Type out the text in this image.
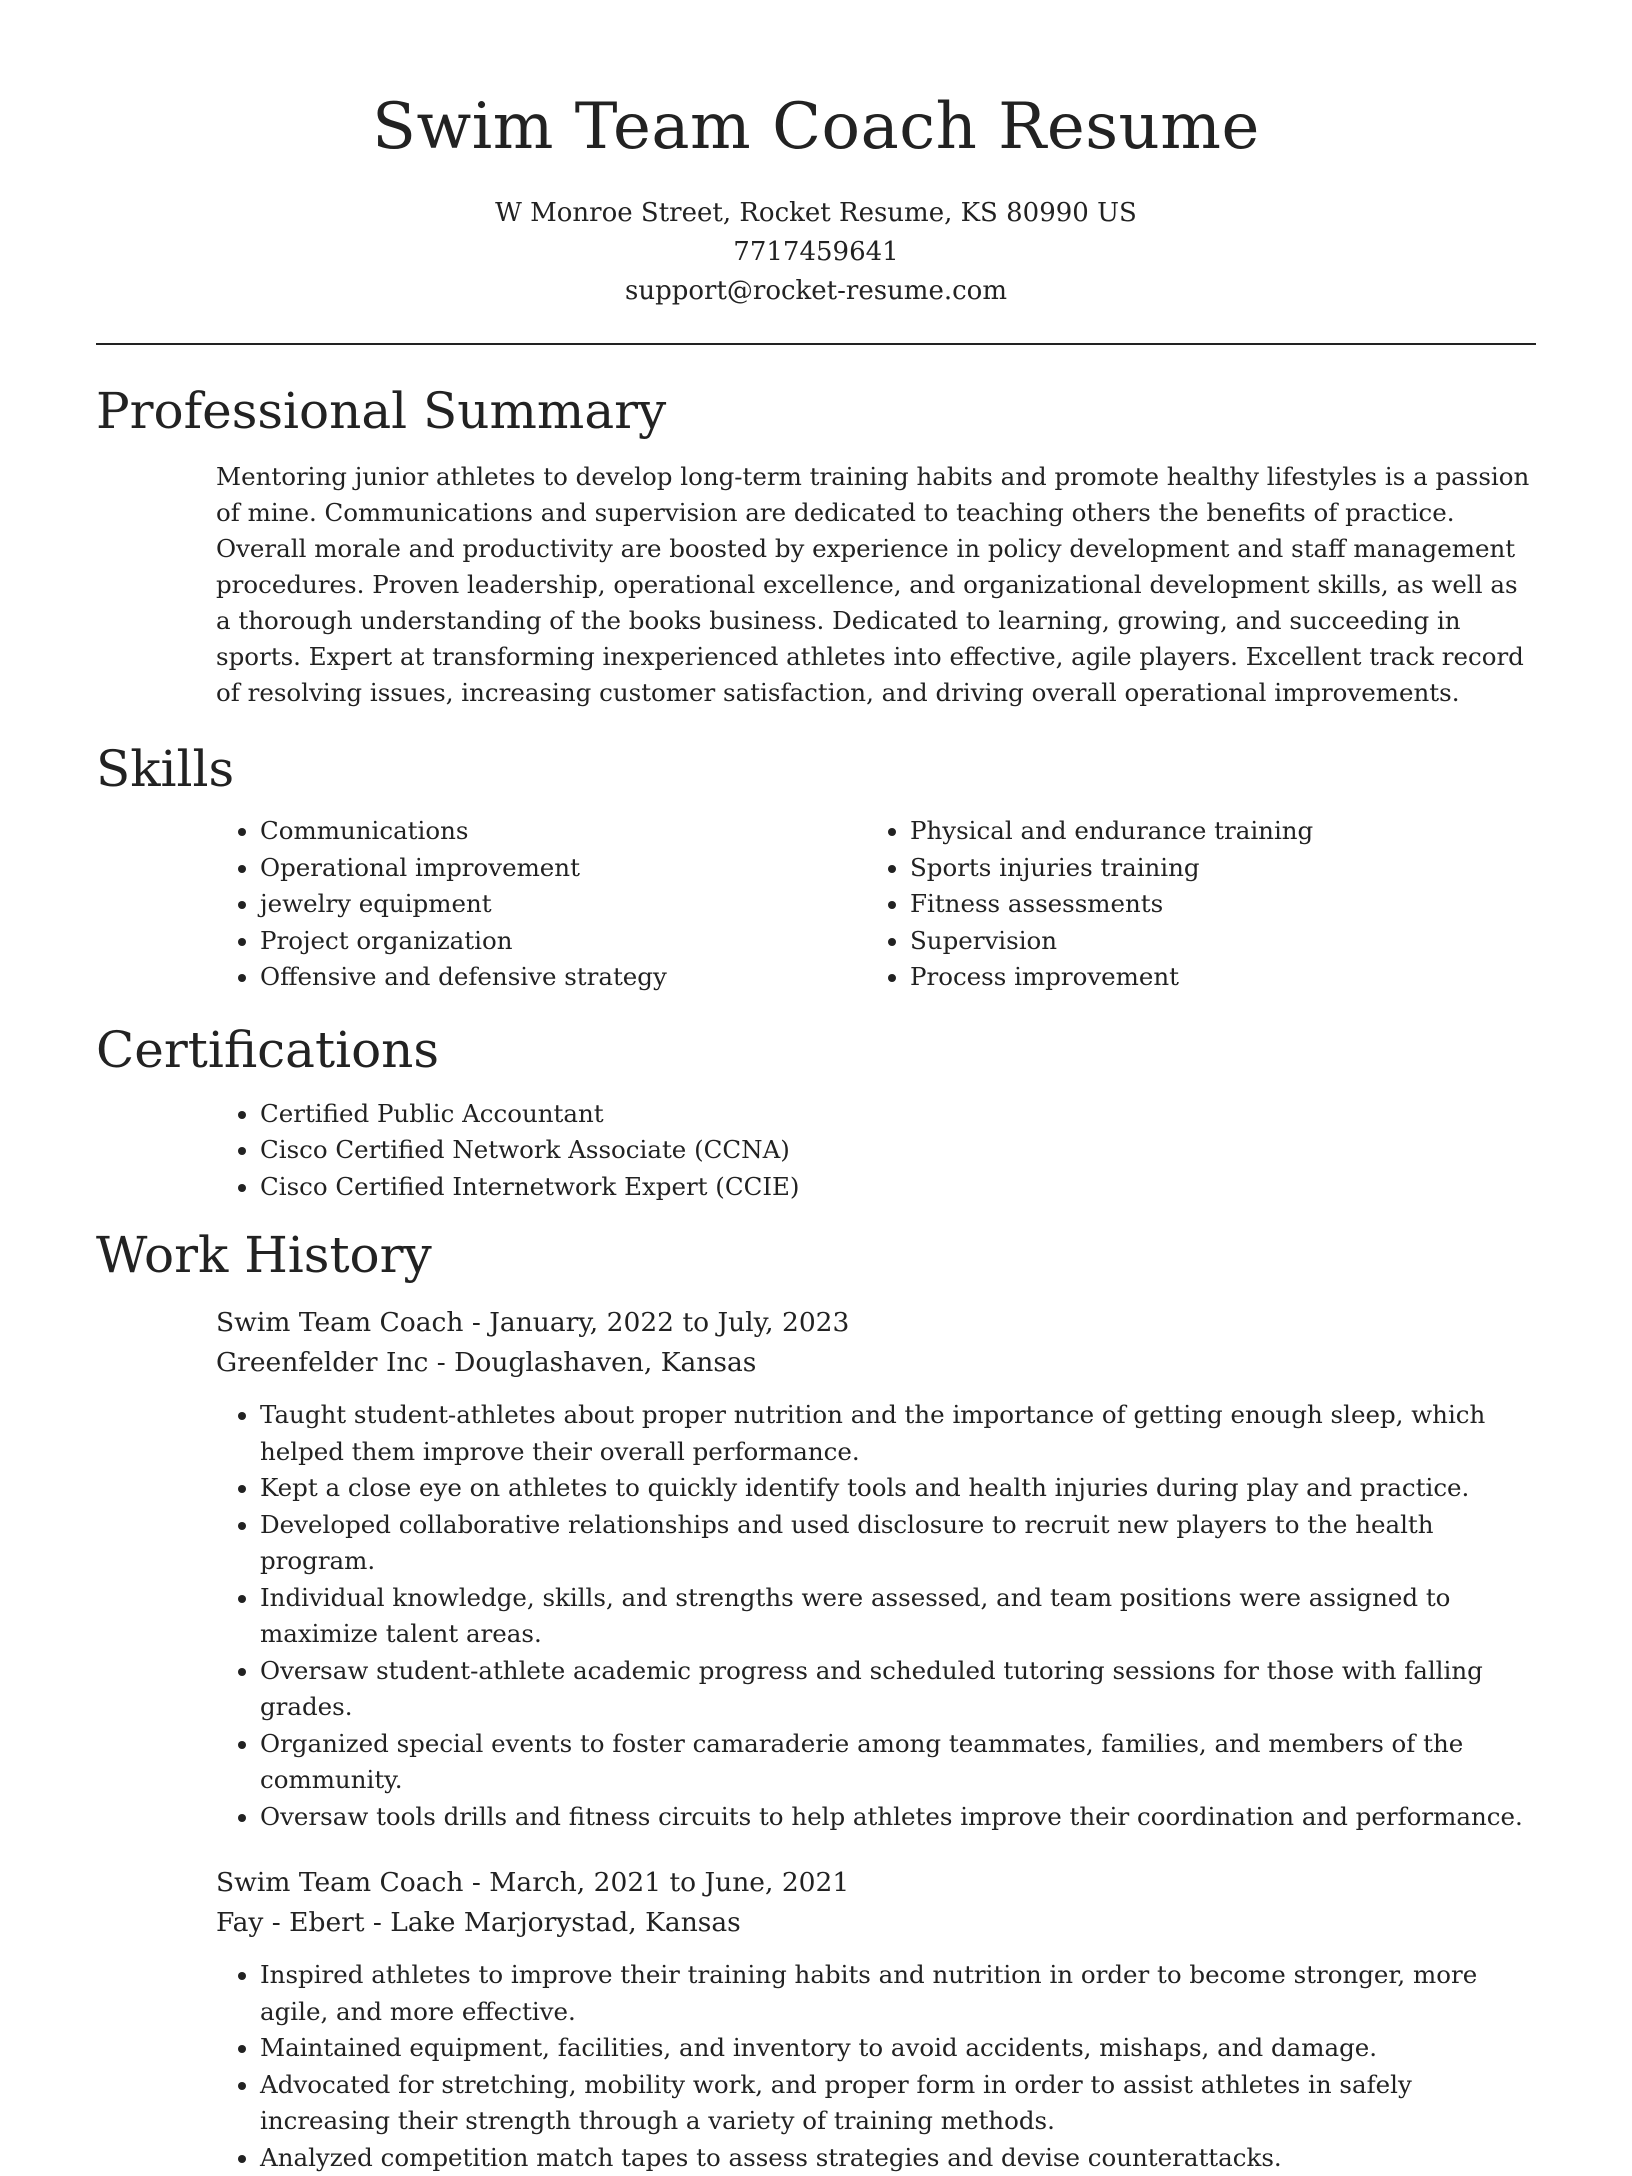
Swim Team Coach Resume
W Monroe Street, Rocket Resume, KS 80990 US
7717459641
support@rocket-resume.com
Professional Summary

Mentoring junior athletes to develop long-term training habits and promote healthy lifestyles is a passion of mine. Communications and supervision are dedicated to teaching others the benefits of practice. Overall morale and productivity are boosted by experience in policy development and staff management procedures. Proven leadership, operational excellence, and organizational development skills, as well as a thorough understanding of the books business. Dedicated to learning, growing, and succeeding in sports. Expert at transforming inexperienced athletes into effective, agile players. Excellent track record of resolving issues, increasing customer satisfaction, and driving overall operational improvements.

Skills
• Communications
• Operational improvement
• jewelry equipment
• Project organization
• Offensive and defensive strategy
• Physical and endurance training
• Sports injuries training
• Fitness assessments
• Supervision
• Process improvement
Certifications
• Certified Public Accountant
• Cisco Certified Network Associate (CCNA)
• Cisco Certified Internetwork Expert (CCIE)
Work History
Swim Team Coach - January, 2022 to July, 2023
Greenfelder Inc - Douglashaven, Kansas
• Taught student-athletes about proper nutrition and the importance of getting enough sleep, which helped them improve their overall performance.
• Kept a close eye on athletes to quickly identify tools and health injuries during play and practice.
• Developed collaborative relationships and used disclosure to recruit new players to the health program.
• Individual knowledge, skills, and strengths were assessed, and team positions were assigned to maximize talent areas.
• Oversaw student-athlete academic progress and scheduled tutoring sessions for those with falling grades.
• Organized special events to foster camaraderie among teammates, families, and members of the community.
• Oversaw tools drills and fitness circuits to help athletes improve their coordination and performance.
Swim Team Coach - March, 2021 to June, 2021
Fay - Ebert - Lake Marjorystad, Kansas
• Inspired athletes to improve their training habits and nutrition in order to become stronger, more agile, and more effective.
• Maintained equipment, facilities, and inventory to avoid accidents, mishaps, and damage.
• Advocated for stretching, mobility work, and proper form in order to assist athletes in safely increasing their strength through a variety of training methods.
• Analyzed competition match tapes to assess strategies and devise counterattacks.
